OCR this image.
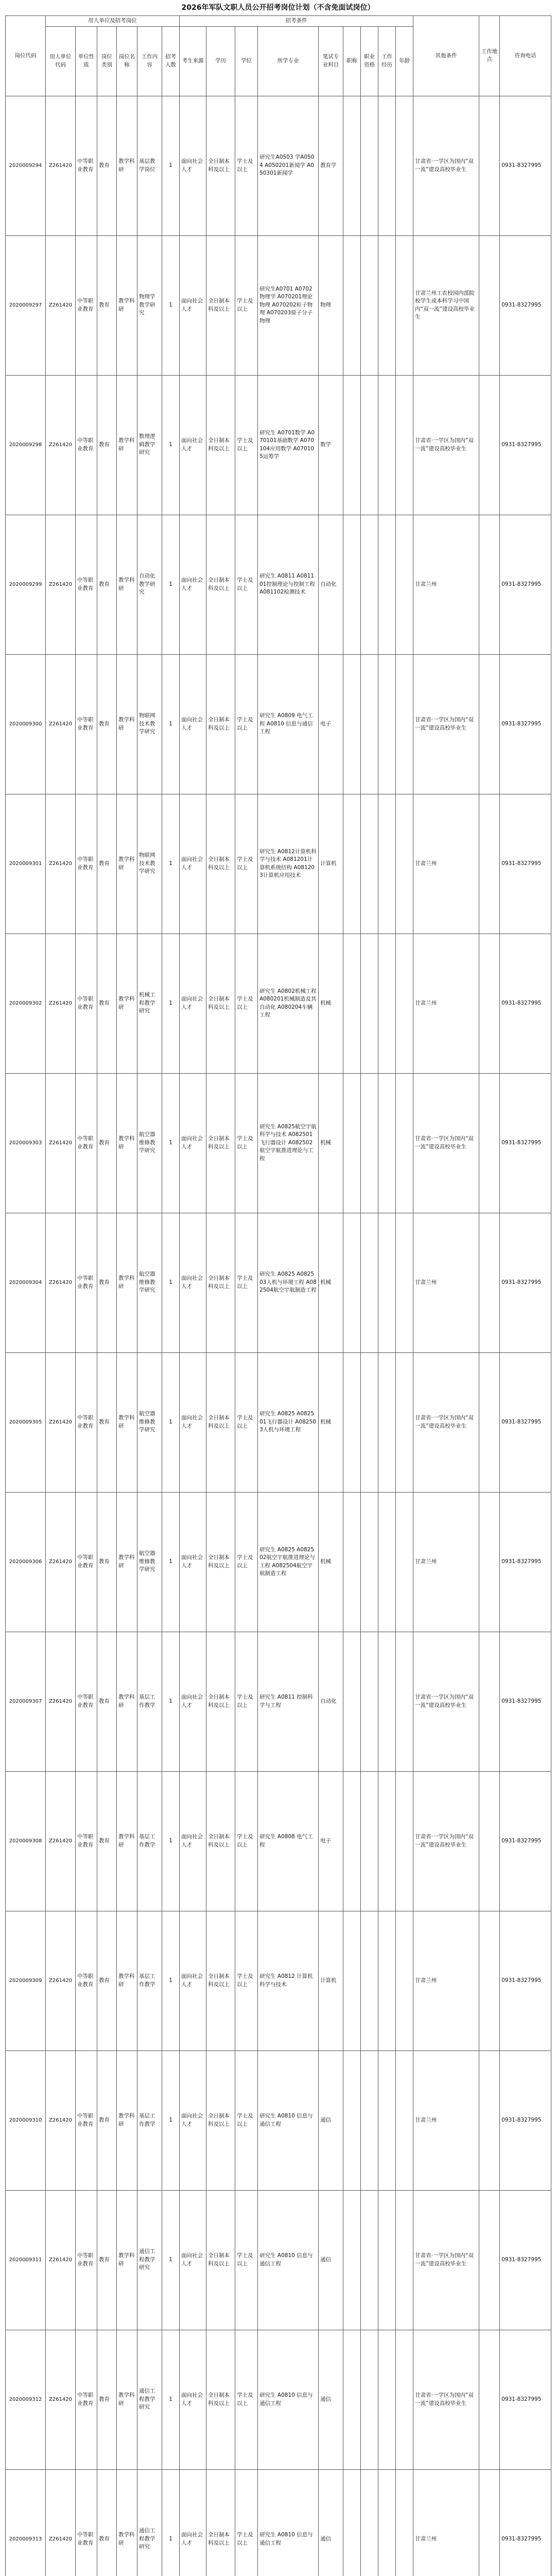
2026年军队文职人员公开招考岗位计划（不含免面试岗位）
岗位代码	用人单位及招考岗位						招考条件									其他条件	工作地点	咨询电话
	用人单位代码	单位性质	岗位类别	岗位名称	工作内容	招考人数	考生来源	学历	学位	所学专业	笔试专业科目	职称	职业资格	工作经历	年龄			
2020009294	Z261420	中等职业教育	教育	教学科研	基层教学岗位	1	面向社会人才	全日制本科及以上	学士及以上	研究生A0503 学A0504 A050201新闻学 A050301新闻学	教育学					甘肃省·一学区为国内“双一流”建设高校毕业生		0931-8327995
2020009297	Z261420	中等职业教育	教育	教学科研	物理学教学研究	1	面向社会人才	全日制本科及以上	学士及以上	研究生A0701 A0702物理学 A070201理论物理 A070202粒子物理 A070203原子分子物理	物理					甘肃兰州工农校园内部院校学生或本科学习中国内“双一流”建设高校毕业生		0931-8327995
2020009298	Z261420	中等职业教育	教育	教学科研	数理逻辑教学研究	1	面向社会人才	全日制本科及以上	学士及以上	研究生 A0701数学 A070101基础数学 A070104应用数学 A070105运筹学	数学					甘肃省·一学区为国内“双一流”建设高校毕业生		0931-8327995
2020009299	Z261420	中等职业教育	教育	教学科研	自动化教学研究	1	面向社会人才	全日制本科及以上	学士及以上	研究生 A0811 A081101控制理论与控制工程 A081102检测技术	自动化					甘肃兰州		0931-8327995
2020009300	Z261420	中等职业教育	教育	教学科研	物联网技术教学研究	1	面向社会人才	全日制本科及以上	学士及以上	研究生 A0809 电气工程 A0810 信息与通信工程	电子					甘肃省·一学区为国内“双一流”建设高校毕业生		0931-8327995
2020009301	Z261420	中等职业教育	教育	教学科研	物联网技术教学研究	1	面向社会人才	全日制本科及以上	学士及以上	研究生 A0812计算机科学与技术 A081201计算机系统结构 A081203计算机应用技术	计算机					甘肃兰州		0931-8327995
2020009302	Z261420	中等职业教育	教育	教学科研	机械工程教学研究	1	面向社会人才	全日制本科及以上	学士及以上	研究生 A0802机械工程 A080201机械制造及其自动化 A080204车辆工程	机械					甘肃兰州		0931-8327995
2020009303	Z261420	中等职业教育	教育	教学科研	航空器维修教学研究	1	面向社会人才	全日制本科及以上	学士及以上	研究生 A0825航空宇航科学与技术 A082501飞行器设计 A082502航空宇航推进理论与工程	机械					甘肃省·一学区为国内“双一流”建设高校毕业生		0931-8327995
2020009304	Z261420	中等职业教育	教育	教学科研	航空器维修教学研究	1	面向社会人才	全日制本科及以上	学士及以上	研究生 A0825 A082503人机与环境工程 A082504航空宇航制造工程	机械					甘肃兰州		0931-8327995
2020009305	Z261420	中等职业教育	教育	教学科研	航空器维修教学研究	1	面向社会人才	全日制本科及以上	学士及以上	研究生 A0825 A082501飞行器设计 A082503人机与环境工程	机械					甘肃省·一学区为国内“双一流”建设高校毕业生		0931-8327995
2020009306	Z261420	中等职业教育	教育	教学科研	航空器维修教学研究	1	面向社会人才	全日制本科及以上	学士及以上	研究生 A0825 A082502航空宇航推进理论与工程 A082504航空宇航制造工程	机械					甘肃兰州		0931-8327995
2020009307	Z261420	中等职业教育	教育	教学科研	基层工作教学	1	面向社会人才	全日制本科及以上	学士及以上	研究生 A0811 控制科学与工程	自动化					甘肃省·一学区为国内“双一流”建设高校毕业生		0931-8327995
2020009308	Z261420	中等职业教育	教育	教学科研	基层工作教学	1	面向社会人才	全日制本科及以上	学士及以上	研究生 A0808 电气工程	电子					甘肃省·一学区为国内“双一流”建设高校毕业生		0931-8327995
2020009309	Z261420	中等职业教育	教育	教学科研	基层工作教学	1	面向社会人才	全日制本科及以上	学士及以上	研究生 A0812 计算机科学与技术	计算机					甘肃兰州		0931-8327995
2020009310	Z261420	中等职业教育	教育	教学科研	基层工作教学	1	面向社会人才	全日制本科及以上	学士及以上	研究生 A0810 信息与通信工程	通信					甘肃兰州		0931-8327995
2020009311	Z261420	中等职业教育	教育	教学科研	通信工程教学研究	1	面向社会人才	全日制本科及以上	学士及以上	研究生 A0810 信息与通信工程	通信					甘肃省·一学区为国内“双一流”建设高校毕业生		0931-8327995
2020009312	Z261420	中等职业教育	教育	教学科研	通信工程教学研究	1	面向社会人才	全日制本科及以上	学士及以上	研究生 A0810 信息与通信工程	通信					甘肃省·一学区为国内“双一流”建设高校毕业生		0931-8327995
2020009313	Z261420	中等职业教育	教育	教学科研	通信工程教学研究	1	面向社会人才	全日制本科及以上	学士及以上	研究生 A0810 信息与通信工程	通信					甘肃兰州		0931-8327995
